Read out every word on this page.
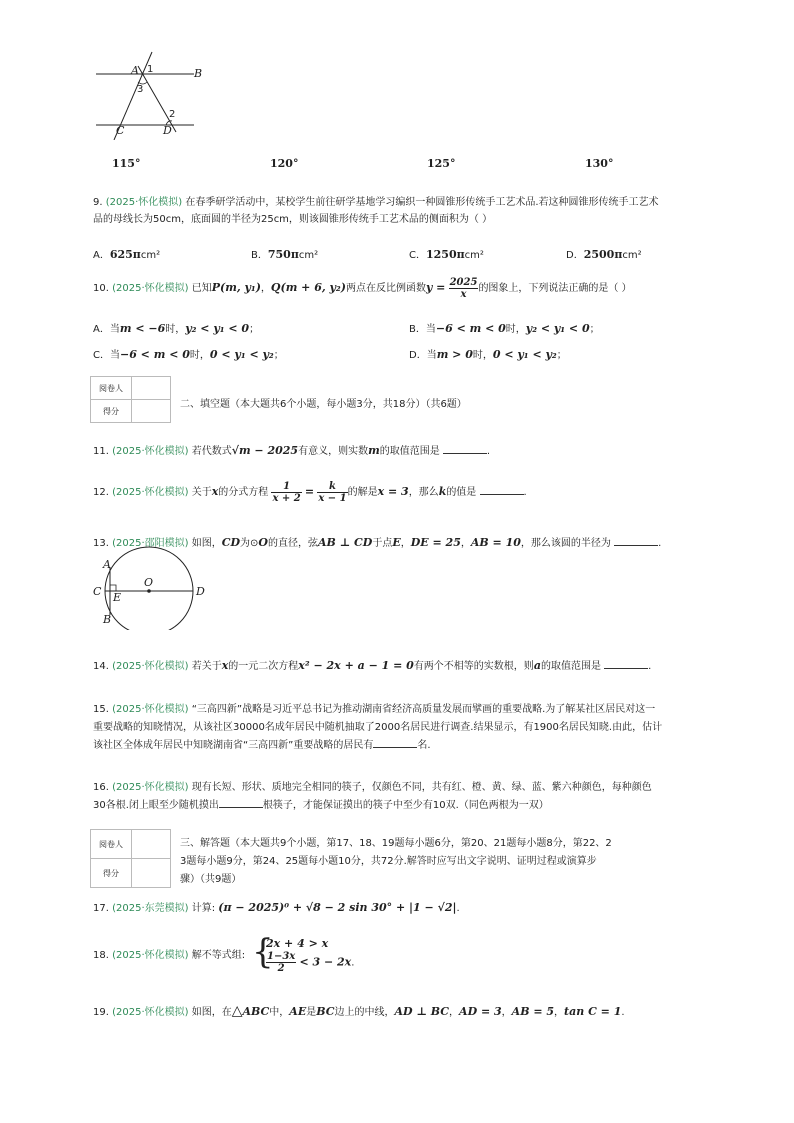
A 1	B
3
2
C	D
115°	120°	125°	130°
9. (2025·怀化模拟) 在春季研学活动中，某校学生前往研学基地学习编织一种圆锥形传统手工艺术品.若这种圆锥形传统手工艺术
品的母线长为50cm，底面圆的半径为25cm，则该圆锥形传统手工艺术品的侧面积为（ ）
A．625πcm²	B．750πcm²	C．1250πcm²	D．2500πcm²
10. (2025·怀化模拟) 已知P(m, y₁)，Q(m + 6, y₂)两点在反比例函数$y = \frac{2025}{x}$ 的图象上，下列说法正确的是（ ）
A．当m < −6时，y₂ < y₁ < 0；	B．当−6 < m < 0时，y₂ < y₁ < 0；
C．当−6 < m < 0时，0 < y₁ < y₂；	D．当m > 0时，0 < y₁ < y₂；
阅卷人	
得分	
二、填空题（本大题共6个小题，每小题3分，共18分）（共6题）
11. (2025·怀化模拟) 若代数式√m − 2025有意义，则实数m的取值范围是	.
12. (2025·怀化模拟) 关于x的分式方程 $\frac{1}{x + 2} = \frac{k}{x - 1}$ 的解是x = 3，那么k的值是	.
13. (2025·邵阳模拟) 如图，CD为⊙O的直径，弦AB ⊥ CD于点E，DE = 25，AB = 10，那么该圆的半径为	.
A
O
C E	D
B
14. (2025·怀化模拟) 若关于x的一元二次方程x² − 2x + a − 1 = 0有两个不相等的实数根，则a的取值范围是	.
15. (2025·怀化模拟) “三高四新”战略是习近平总书记为推动湖南省经济高质量发展而擘画的重要战略.为了解某社区居民对这一
重要战略的知晓情况，从该社区30000名成年居民中随机抽取了2000名居民进行调查.结果显示，有1900名居民知晓.由此，估计
该社区全体成年居民中知晓湖南省“三高四新”重要战略的居民有	名.
16. (2025·怀化模拟) 现有长短、形状、质地完全相同的筷子，仅颜色不同，共有红、橙、黄、绿、蓝、紫六种颜色，每种颜色
30各根.闭上眼至少随机摸出	根筷子，才能保证摸出的筷子中至少有10双.（同色两根为一双）
阅卷人	
得分	
三、解答题（本大题共9个小题，第17、18、19题每小题6分，第20、21题每小题8分，第22、2
3题每小题9分，第24、25题每小题10分，共72分.解答时应写出文字说明、证明过程或演算步
骤）（共9题）
17. (2025·东莞模拟) 计算: (π − 2025)⁰ + √8 − 2 sin 30° + |1 − √2|.
18. (2025·怀化模拟) 解不等式组: {
2x + 4 > x
$\frac{1-3x}{2} < 3 - 2x$.
19. (2025·怀化模拟) 如图，在△ABC中，AE是BC边上的中线，AD ⊥ BC，AD = 3，AB = 5，tan C = 1.
